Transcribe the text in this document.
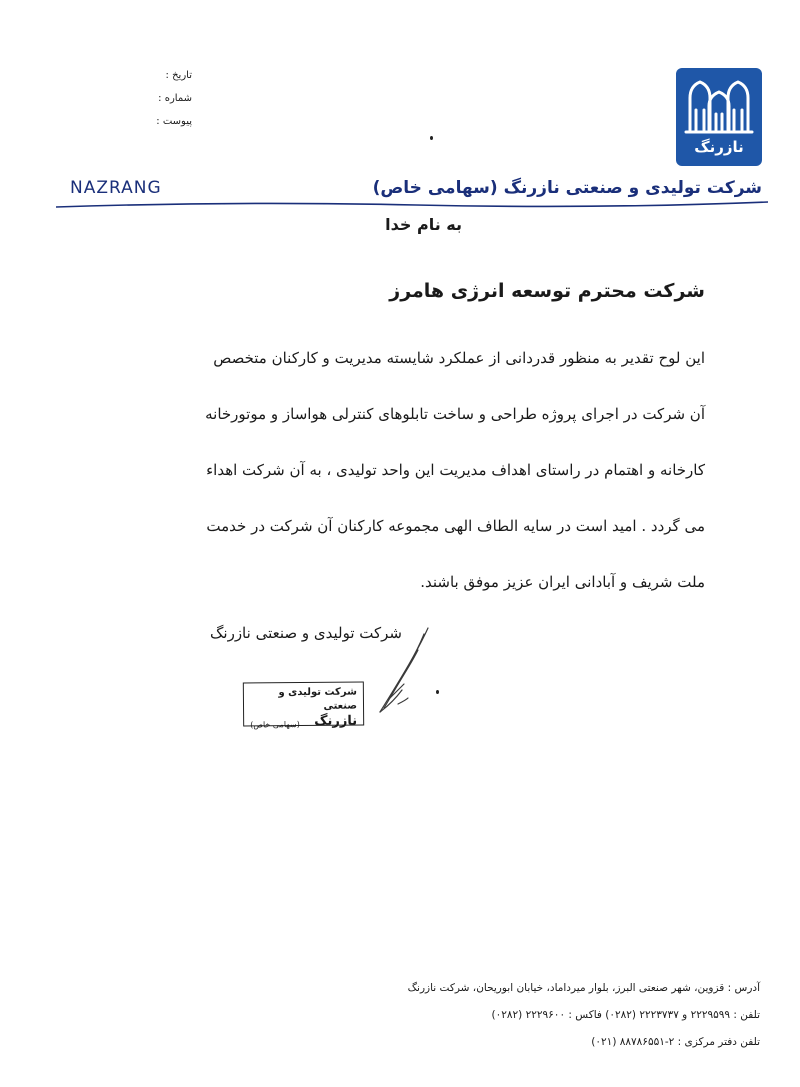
تاریخ :
شماره :
پیوست :
نازرنگ
NAZRANG	شرکت تولیدی و صنعتی نازرنگ (سهامی خاص)
به نام خدا
شرکت محترم توسعه انرژی هامرز
این لوح تقدیر به منظور قدردانی از عملکرد شایسته مدیریت و کارکنان متخصص
آن شرکت در اجرای پروژه طراحی و ساخت تابلوهای کنترلی هواساز و موتورخانه
کارخانه و اهتمام در راستای اهداف مدیریت این واحد تولیدی ، به آن شرکت اهداء
می گردد . امید است در سایه الطاف الهی مجموعه کارکنان آن شرکت در خدمت
ملت شریف و آبادانی ایران عزیز موفق باشند.
شرکت تولیدی و صنعتی نازرنگ
شرکت تولیدی و صنعتی
نازرنگ
(سهامی خاص)
آدرس : قزوین، شهر صنعتی البرز، بلوار میرداماد، خیابان ابوریحان، شرکت نازرنگ
تلفن : ۲۲۲۹۵۹۹ و ۲۲۲۳۷۳۷ (۰۲۸۲) فاکس : ۲۲۲۹۶۰۰ (۰۲۸۲)
تلفن دفتر مرکزی : ۲-۸۸۷۸۶۵۵۱ (۰۲۱)
